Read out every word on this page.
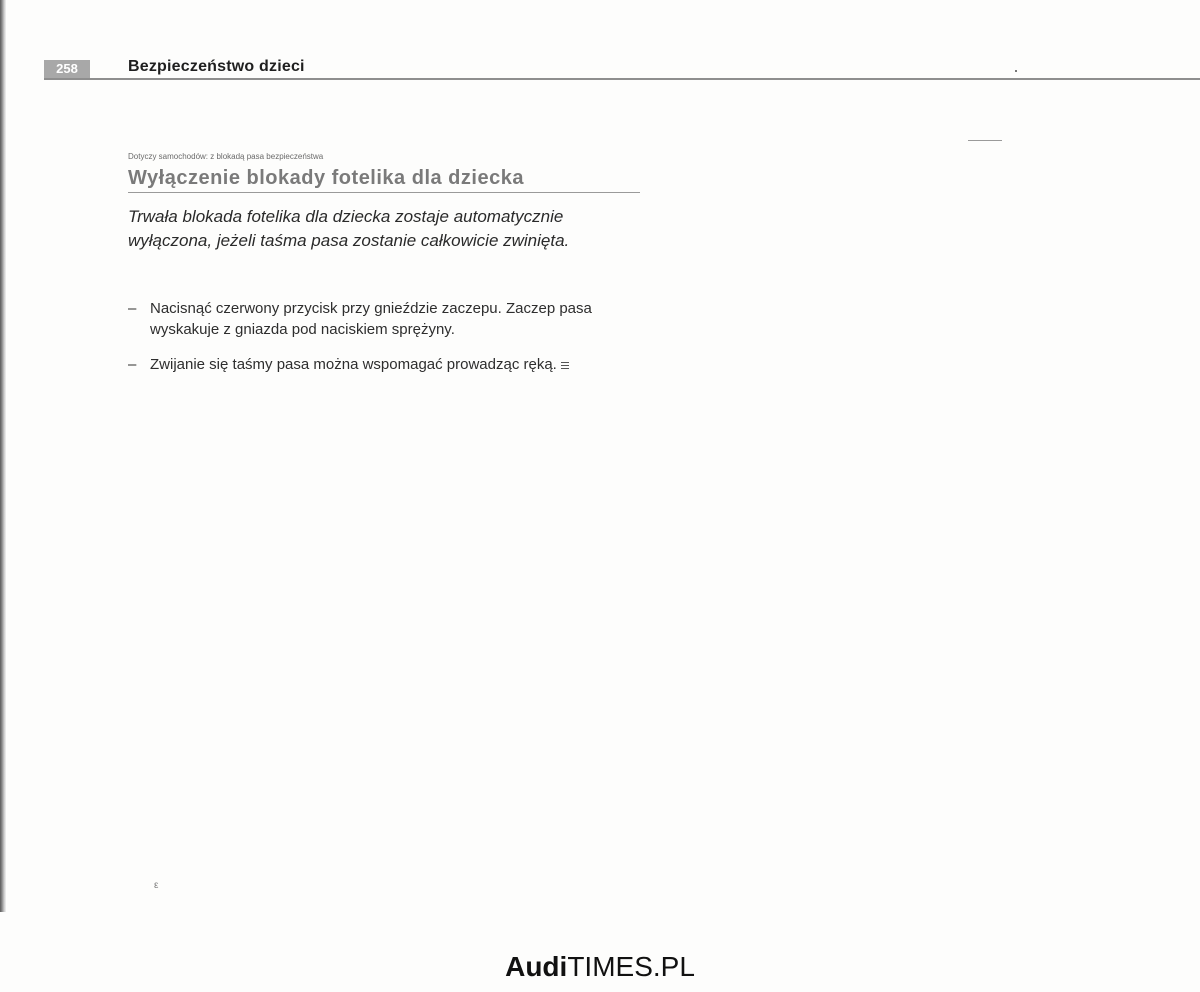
258	Bezpieczeństwo dzieci
Dotyczy samochodów: z blokadą pasa bezpieczeństwa
Wyłączenie blokady fotelika dla dziecka
Trwała blokada fotelika dla dziecka zostaje automatycznie wyłączona, jeżeli taśma pasa zostanie całkowicie zwinięta.
– Nacisnąć czerwony przycisk przy gnieździe zaczepu. Zaczep pasa wyskakuje z gniazda pod naciskiem sprężyny.
– Zwijanie się taśmy pasa można wspomagać prowadząc ręką.
ε
AudiTIMES.PL
